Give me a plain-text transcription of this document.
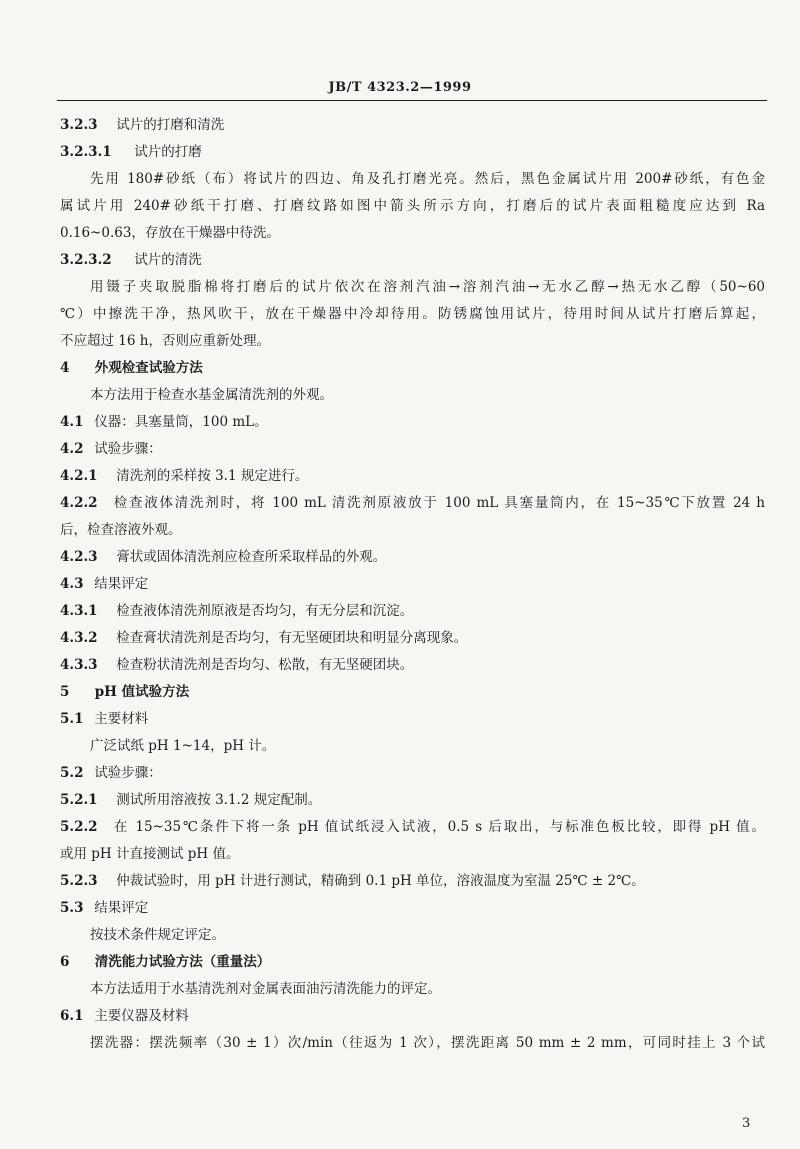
JB/T 4323.2—1999
3.2.3 试片的打磨和清洗
3.2.3.1 试片的打磨
先用 180#砂纸（布）将试片的四边、角及孔打磨光亮。然后，黑色金属试片用 200#砂纸，有色金
属试片用 240#砂纸干打磨、打磨纹路如图中箭头所示方向，打磨后的试片表面粗糙度应达到 Ra
0.16~0.63，存放在干燥器中待洗。
3.2.3.2 试片的清洗
用镊子夹取脱脂棉将打磨后的试片依次在溶剂汽油→溶剂汽油→无水乙醇→热无水乙醇（50~60
℃）中擦洗干净，热风吹干，放在干燥器中冷却待用。防锈腐蚀用试片，待用时间从试片打磨后算起，
不应超过 16 h，否则应重新处理。
4 外观检查试验方法
本方法用于检查水基金属清洗剂的外观。
4.1 仪器：具塞量筒，100 mL。
4.2 试验步骤：
4.2.1 清洗剂的采样按 3.1 规定进行。
4.2.2 检查液体清洗剂时，将 100 mL 清洗剂原液放于 100 mL 具塞量筒内，在 15~35℃下放置 24 h
后，检查溶液外观。
4.2.3 膏状或固体清洗剂应检查所采取样品的外观。
4.3 结果评定
4.3.1 检查液体清洗剂原液是否均匀，有无分层和沉淀。
4.3.2 检查膏状清洗剂是否均匀，有无坚硬团块和明显分离现象。
4.3.3 检查粉状清洗剂是否均匀、松散，有无坚硬团块。
5 pH 值试验方法
5.1 主要材料
广泛试纸 pH 1~14，pH 计。
5.2 试验步骤：
5.2.1 测试所用溶液按 3.1.2 规定配制。
5.2.2 在 15~35℃条件下将一条 pH 值试纸浸入试液，0.5 s 后取出，与标准色板比较，即得 pH 值。
或用 pH 计直接测试 pH 值。
5.2.3 仲裁试验时，用 pH 计进行测试，精确到 0.1 pH 单位，溶液温度为室温 25℃ ± 2℃。
5.3 结果评定
按技术条件规定评定。
6 清洗能力试验方法（重量法）
本方法适用于水基清洗剂对金属表面油污清洗能力的评定。
6.1 主要仪器及材料
摆洗器：摆洗频率（30 ± 1）次/min（往返为 1 次），摆洗距离 50 mm ± 2 mm，可同时挂上 3 个试
3
